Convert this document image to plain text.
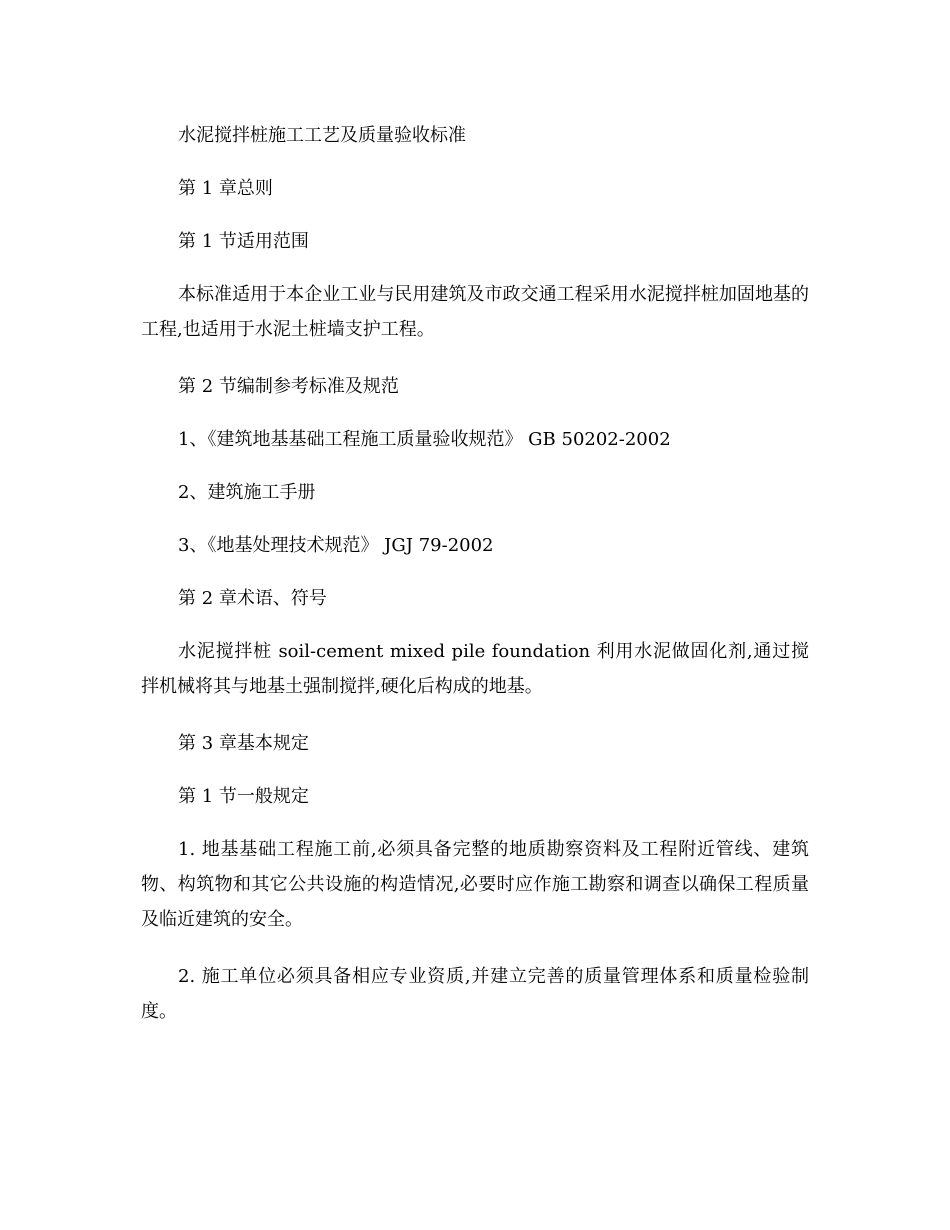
水泥搅拌桩施工工艺及质量验收标准

第 1 章总则

第 1 节适用范围

本标准适用于本企业工业与民用建筑及市政交通工程采用水泥搅拌桩加固地基的工程,也适用于水泥土桩墙支护工程。

第 2 节编制参考标准及规范

1、《建筑地基基础工程施工质量验收规范》 GB 50202-2002

2、建筑施工手册

3、《地基处理技术规范》 JGJ 79-2002

第 2 章术语、符号

水泥搅拌桩 soil-cement mixed pile foundation 利用水泥做固化剂,通过搅拌机械将其与地基土强制搅拌,硬化后构成的地基。

第 3 章基本规定

第 1 节一般规定

1. 地基基础工程施工前,必须具备完整的地质勘察资料及工程附近管线、建筑物、构筑物和其它公共设施的构造情况,必要时应作施工勘察和调查以确保工程质量及临近建筑的安全。

2. 施工单位必须具备相应专业资质,并建立完善的质量管理体系和质量检验制度。
